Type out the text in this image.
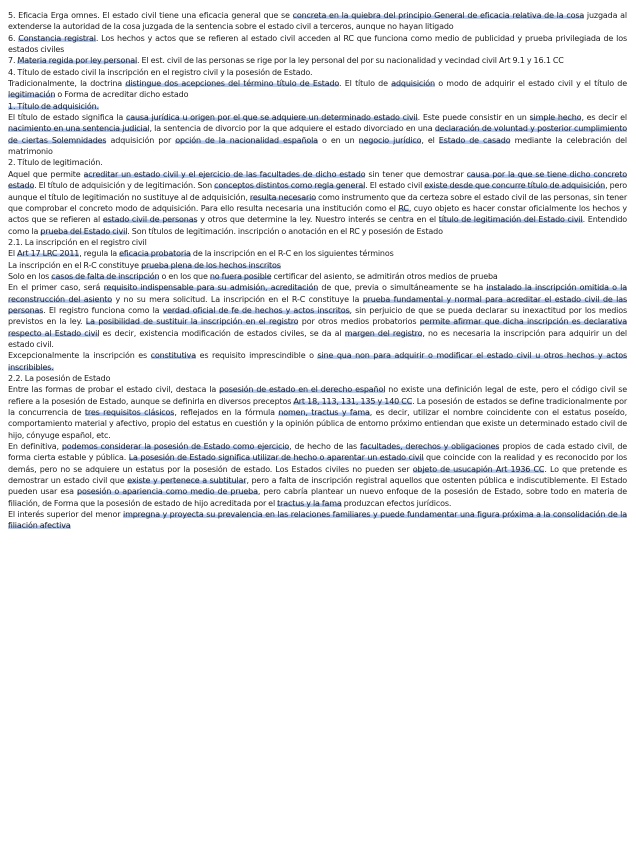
5. Eficacia Erga omnes. El estado civil tiene una eficacia general que se concreta en la quiebra del principio General de eficacia relativa de la cosa juzgada al extenderse la autoridad de la cosa juzgada de la sentencia sobre el estado civil a terceros, aunque no hayan litigado

6. Constancia registral. Los hechos y actos que se refieren al estado civil acceden al RC que funciona como medio de publicidad y prueba privilegiada de los estados civiles

7. Materia regida por ley personal. El est. civil de las personas se rige por la ley personal del por su nacionalidad y vecindad civil Art 9.1 y 16.1 CC

4. Título de estado civil la inscripción en el registro civil y la posesión de Estado.

Tradicionalmente, la doctrina distingue dos acepciones del término título de Estado. El título de adquisición o modo de adquirir el estado civil y el título de legitimación o Forma de acreditar dicho estado

1. Título de adquisición.

El título de estado significa la causa jurídica u origen por el que se adquiere un determinado estado civil. Este puede consistir en un simple hecho, es decir el nacimiento en una sentencia judicial, la sentencia de divorcio por la que adquiere el estado divorciado en una declaración de voluntad y posterior cumplimiento de ciertas Solemnidades adquisición por opción de la nacionalidad española o en un negocio jurídico, el Estado de casado mediante la celebración del matrimonio

2. Título de legitimación.

Aquel que permite acreditar un estado civil y el ejercicio de las facultades de dicho estado sin tener que demostrar causa por la que se tiene dicho concreto estado. El título de adquisición y de legitimación. Son conceptos distintos como regla general. El estado civil existe desde que concurre título de adquisición, pero aunque el título de legitimación no sustituye al de adquisición, resulta necesario como instrumento que da certeza sobre el estado civil de las personas, sin tener que comprobar el concreto modo de adquisición. Para ello resulta necesaria una institución como el RC, cuyo objeto es hacer constar oficialmente los hechos y actos que se refieren al estado civil de personas y otros que determine la ley. Nuestro interés se centra en el título de legitimación del Estado civil. Entendido como la prueba del Estado civil. Son títulos de legitimación. inscripción o anotación en el RC y posesión de Estado

2.1. La inscripción en el registro civil

El Art 17 LRC 2011, regula la eficacia probatoria de la inscripción en el R-C en los siguientes términos

La inscripción en el R-C constituye prueba plena de los hechos inscritos

Solo en los casos de falta de inscripción o en los que no fuera posible certificar del asiento, se admitirán otros medios de prueba

En el primer caso, será requisito indispensable para su admisión, acreditación de que, previa o simultáneamente se ha instalado la inscripción omitida o la reconstrucción del asiento y no su mera solicitud. La inscripción en el R-C constituye la prueba fundamental y normal para acreditar el estado civil de las personas. El registro funciona como la verdad oficial de fe de hechos y actos inscritos, sin perjuicio de que se pueda declarar su inexactitud por los medios previstos en la ley. La posibilidad de sustituir la inscripción en el registro por otros medios probatorios permite afirmar que dicha inscripción es declarativa respecto al Estado civil es decir, existencia modificación de estados civiles, se da al margen del registro, no es necesaria la inscripción para adquirir un del estado civil.

Excepcionalmente la inscripción es constitutiva es requisito imprescindible o sine qua non para adquirir o modificar el estado civil u otros hechos y actos inscribibles.

2.2. La posesión de Estado

Entre las formas de probar el estado civil, destaca la posesión de estado en el derecho español no existe una definición legal de este, pero el código civil se refiere a la posesión de Estado, aunque se definirla en diversos preceptos Art 18, 113, 131, 135 y 140 CC. La posesión de estados se define tradicionalmente por la concurrencia de tres requisitos clásicos, reflejados en la fórmula nomen, tractus y fama, es decir, utilizar el nombre coincidente con el estatus poseído, comportamiento material y afectivo, propio del estatus en cuestión y la opinión pública de entorno próximo entiendan que existe un determinado estado civil de hijo, cónyuge español, etc.

En definitiva, podemos considerar la posesión de Estado como ejercicio, de hecho de las facultades, derechos y obligaciones propios de cada estado civil, de forma cierta estable y pública. La posesión de Estado significa utilizar de hecho o aparentar un estado civil que coincide con la realidad y es reconocido por los demás, pero no se adquiere un estatus por la posesión de estado. Los Estados civiles no pueden ser objeto de usucapión Art 1936 CC. Lo que pretende es demostrar un estado civil que existe y pertenece a subtitular, pero a falta de inscripción registral aquellos que ostenten pública e indiscutiblemente. El Estado pueden usar esa posesión o apariencia como medio de prueba, pero cabría plantear un nuevo enfoque de la posesión de Estado, sobre todo en materia de filiación, de Forma que la posesión de estado de hijo acreditada por el tractus y la fama produzcan efectos jurídicos.

El interés superior del menor impregna y proyecta su prevalencia en las relaciones familiares y puede fundamentar una figura próxima a la consolidación de la filiación afectiva
